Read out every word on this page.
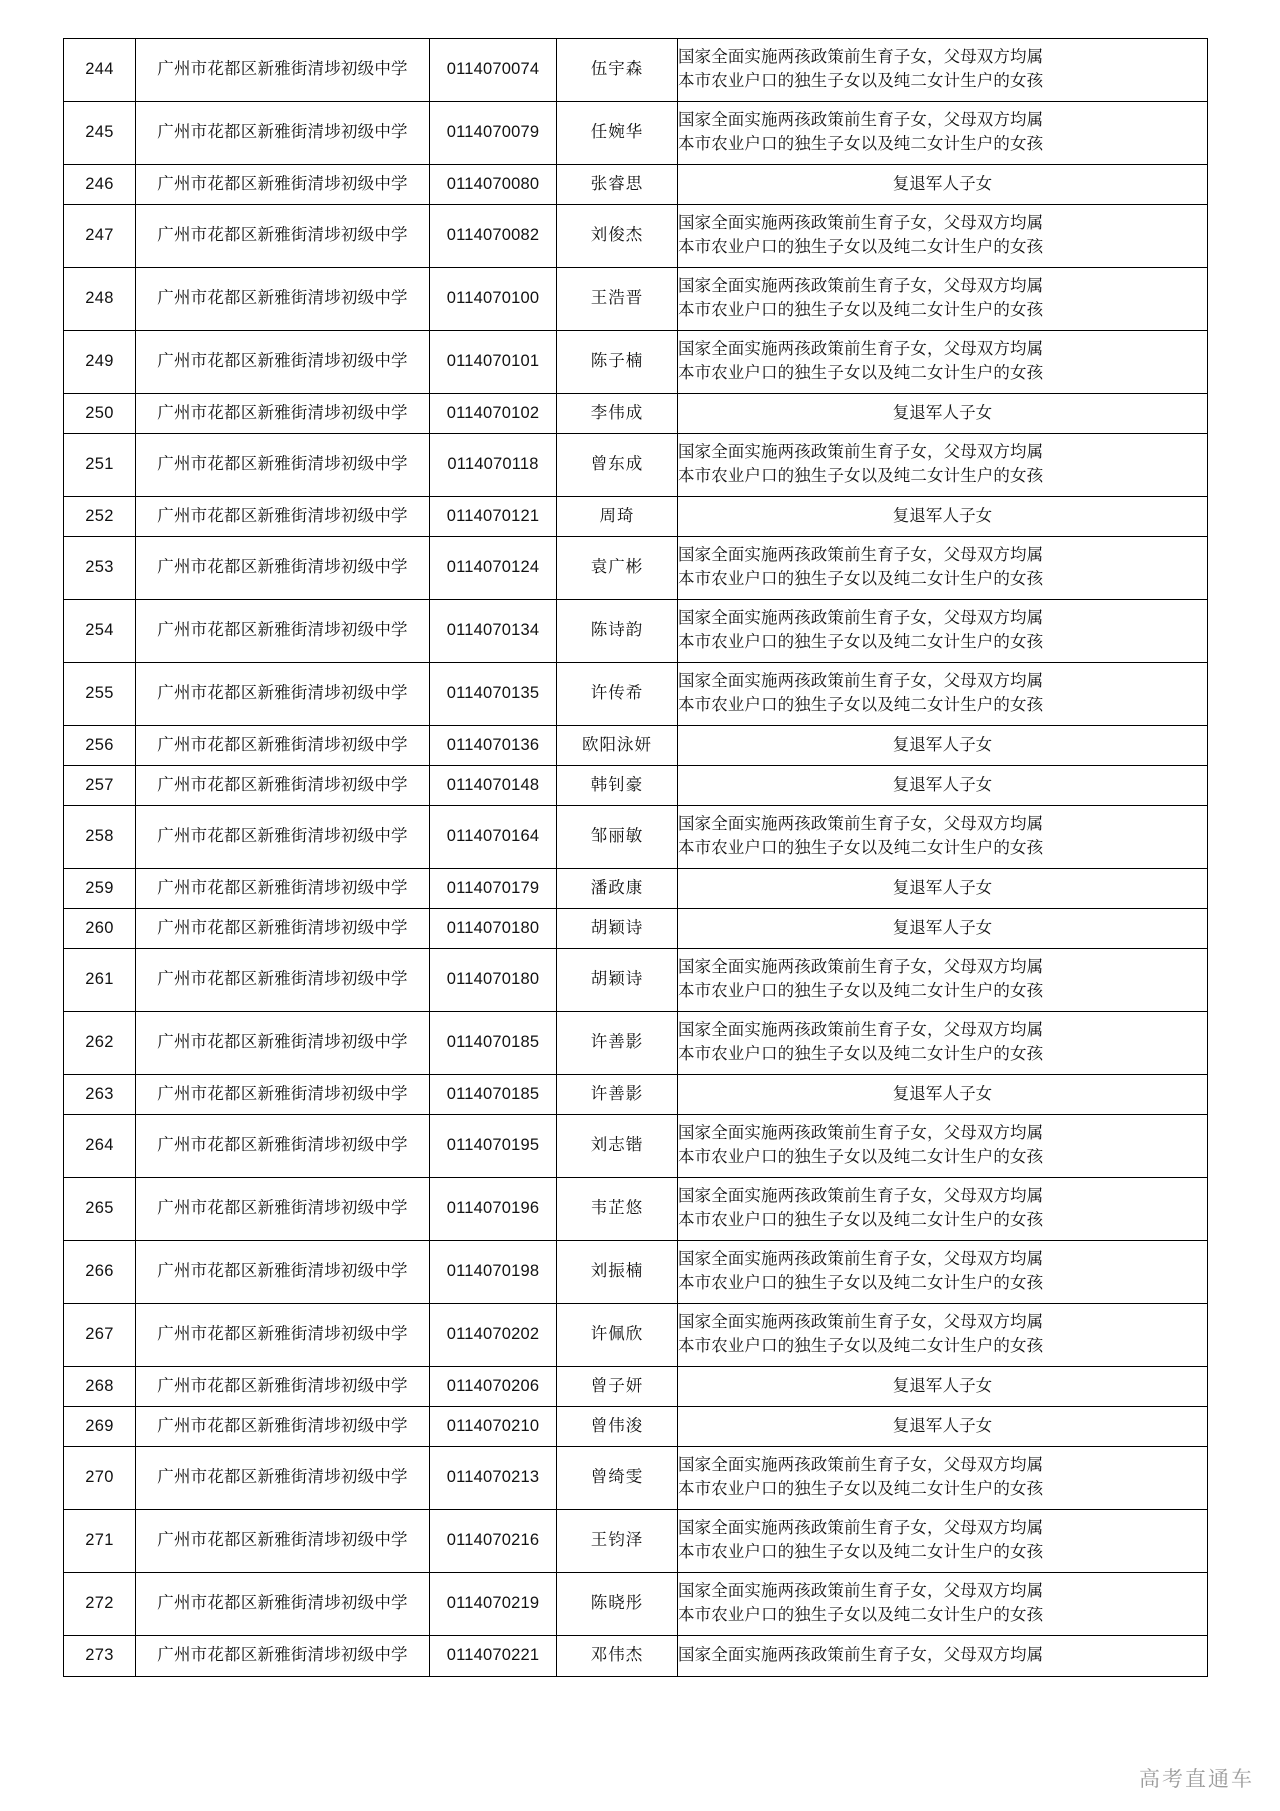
244	广州市花都区新雅街清埗初级中学	0114070074	伍宇森	国家全面实施两孩政策前生育子女，父母双方均属
本市农业户口的独生子女以及纯二女计生户的女孩

245	广州市花都区新雅街清埗初级中学	0114070079	任婉华	国家全面实施两孩政策前生育子女，父母双方均属
本市农业户口的独生子女以及纯二女计生户的女孩

246	广州市花都区新雅街清埗初级中学	0114070080	张睿思	复退军人子女

247	广州市花都区新雅街清埗初级中学	0114070082	刘俊杰	国家全面实施两孩政策前生育子女，父母双方均属
本市农业户口的独生子女以及纯二女计生户的女孩

248	广州市花都区新雅街清埗初级中学	0114070100	王浩晋	国家全面实施两孩政策前生育子女，父母双方均属
本市农业户口的独生子女以及纯二女计生户的女孩

249	广州市花都区新雅街清埗初级中学	0114070101	陈子楠	国家全面实施两孩政策前生育子女，父母双方均属
本市农业户口的独生子女以及纯二女计生户的女孩

250	广州市花都区新雅街清埗初级中学	0114070102	李伟成	复退军人子女

251	广州市花都区新雅街清埗初级中学	0114070118	曾东成	国家全面实施两孩政策前生育子女，父母双方均属
本市农业户口的独生子女以及纯二女计生户的女孩

252	广州市花都区新雅街清埗初级中学	0114070121	周琦	复退军人子女

253	广州市花都区新雅街清埗初级中学	0114070124	袁广彬	国家全面实施两孩政策前生育子女，父母双方均属
本市农业户口的独生子女以及纯二女计生户的女孩

254	广州市花都区新雅街清埗初级中学	0114070134	陈诗韵	国家全面实施两孩政策前生育子女，父母双方均属
本市农业户口的独生子女以及纯二女计生户的女孩

255	广州市花都区新雅街清埗初级中学	0114070135	许传希	国家全面实施两孩政策前生育子女，父母双方均属
本市农业户口的独生子女以及纯二女计生户的女孩

256	广州市花都区新雅街清埗初级中学	0114070136	欧阳泳妍	复退军人子女

257	广州市花都区新雅街清埗初级中学	0114070148	韩钊豪	复退军人子女

258	广州市花都区新雅街清埗初级中学	0114070164	邹丽敏	国家全面实施两孩政策前生育子女，父母双方均属
本市农业户口的独生子女以及纯二女计生户的女孩

259	广州市花都区新雅街清埗初级中学	0114070179	潘政康	复退军人子女

260	广州市花都区新雅街清埗初级中学	0114070180	胡颖诗	复退军人子女

261	广州市花都区新雅街清埗初级中学	0114070180	胡颖诗	国家全面实施两孩政策前生育子女，父母双方均属
本市农业户口的独生子女以及纯二女计生户的女孩

262	广州市花都区新雅街清埗初级中学	0114070185	许善影	国家全面实施两孩政策前生育子女，父母双方均属
本市农业户口的独生子女以及纯二女计生户的女孩

263	广州市花都区新雅街清埗初级中学	0114070185	许善影	复退军人子女

264	广州市花都区新雅街清埗初级中学	0114070195	刘志锴	国家全面实施两孩政策前生育子女，父母双方均属
本市农业户口的独生子女以及纯二女计生户的女孩

265	广州市花都区新雅街清埗初级中学	0114070196	韦芷悠	国家全面实施两孩政策前生育子女，父母双方均属
本市农业户口的独生子女以及纯二女计生户的女孩

266	广州市花都区新雅街清埗初级中学	0114070198	刘振楠	国家全面实施两孩政策前生育子女，父母双方均属
本市农业户口的独生子女以及纯二女计生户的女孩

267	广州市花都区新雅街清埗初级中学	0114070202	许佩欣	国家全面实施两孩政策前生育子女，父母双方均属
本市农业户口的独生子女以及纯二女计生户的女孩

268	广州市花都区新雅街清埗初级中学	0114070206	曾子妍	复退军人子女

269	广州市花都区新雅街清埗初级中学	0114070210	曾伟浚	复退军人子女

270	广州市花都区新雅街清埗初级中学	0114070213	曾绮雯	国家全面实施两孩政策前生育子女，父母双方均属
本市农业户口的独生子女以及纯二女计生户的女孩

271	广州市花都区新雅街清埗初级中学	0114070216	王钧泽	国家全面实施两孩政策前生育子女，父母双方均属
本市农业户口的独生子女以及纯二女计生户的女孩

272	广州市花都区新雅街清埗初级中学	0114070219	陈晓彤	国家全面实施两孩政策前生育子女，父母双方均属
本市农业户口的独生子女以及纯二女计生户的女孩

273	广州市花都区新雅街清埗初级中学	0114070221	邓伟杰	国家全面实施两孩政策前生育子女，父母双方均属
高考直通车
